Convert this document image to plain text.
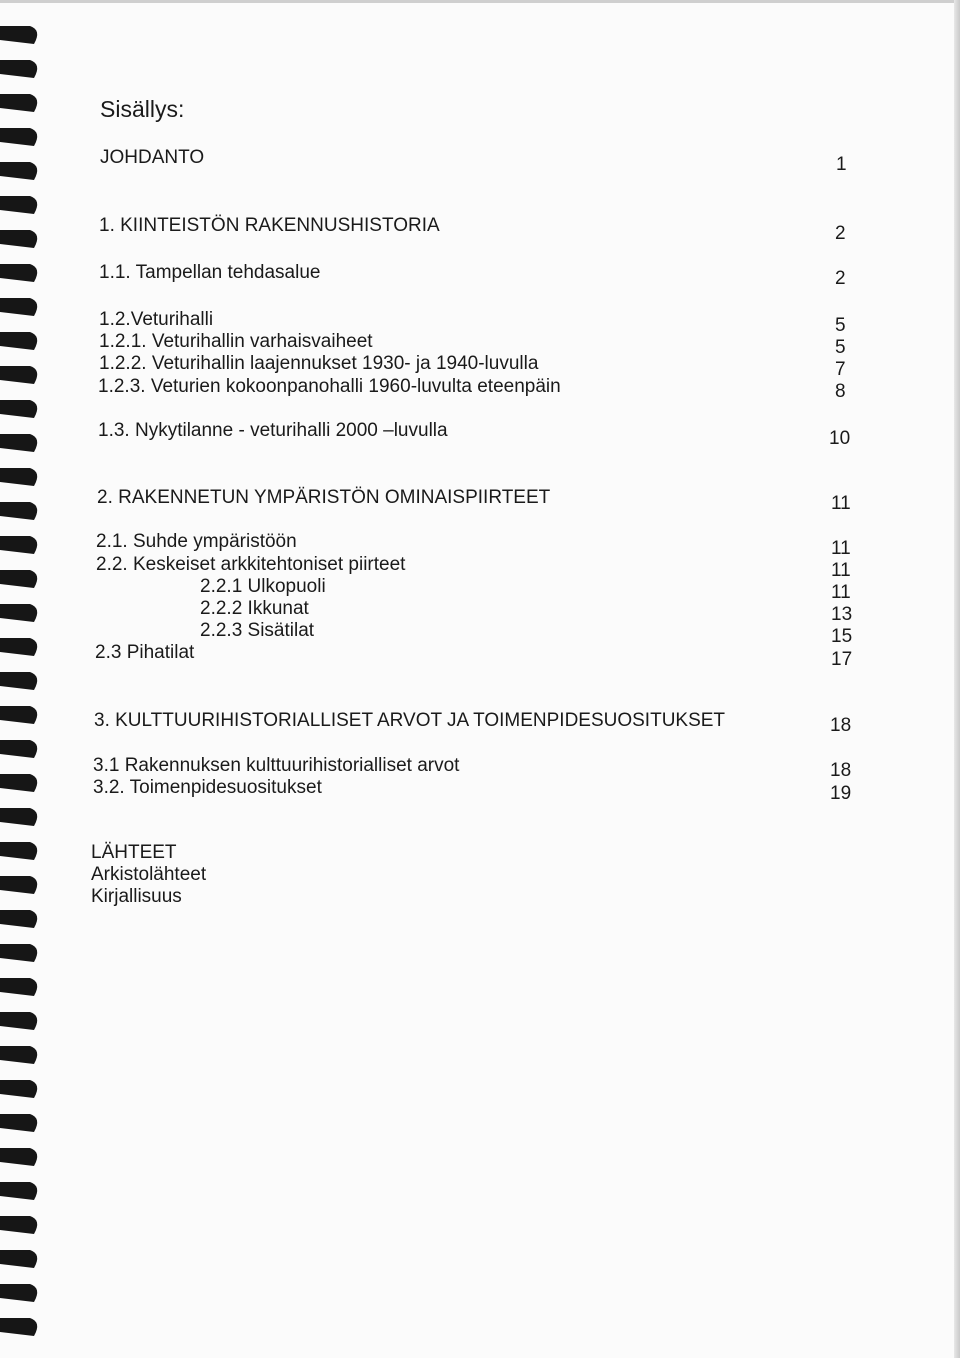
Sisällys:
JOHDANTO
1. KIINTEISTÖN RAKENNUSHISTORIA
1.1. Tampellan tehdasalue
1.2.Veturihalli
1.2.1. Veturihallin varhaisvaiheet
1.2.2. Veturihallin laajennukset 1930- ja 1940-luvulla
1.2.3. Veturien kokoonpanohalli 1960-luvulta eteenpäin
1.3. Nykytilanne - veturihalli 2000 –luvulla
2. RAKENNETUN YMPÄRISTÖN OMINAISPIIRTEET
2.1. Suhde ympäristöön
2.2. Keskeiset arkkitehtoniset piirteet
2.2.1 Ulkopuoli
2.2.2 Ikkunat
2.2.3 Sisätilat
2.3 Pihatilat
3. KULTTUURIHISTORIALLISET ARVOT JA TOIMENPIDESUOSITUKSET
3.1 Rakennuksen kulttuurihistorialliset arvot
3.2. Toimenpidesuositukset
1
2
2
5
5
7
8
10
11
11
11
11
13
15
17
18
18
19
LÄHTEET
Arkistolähteet
Kirjallisuus
